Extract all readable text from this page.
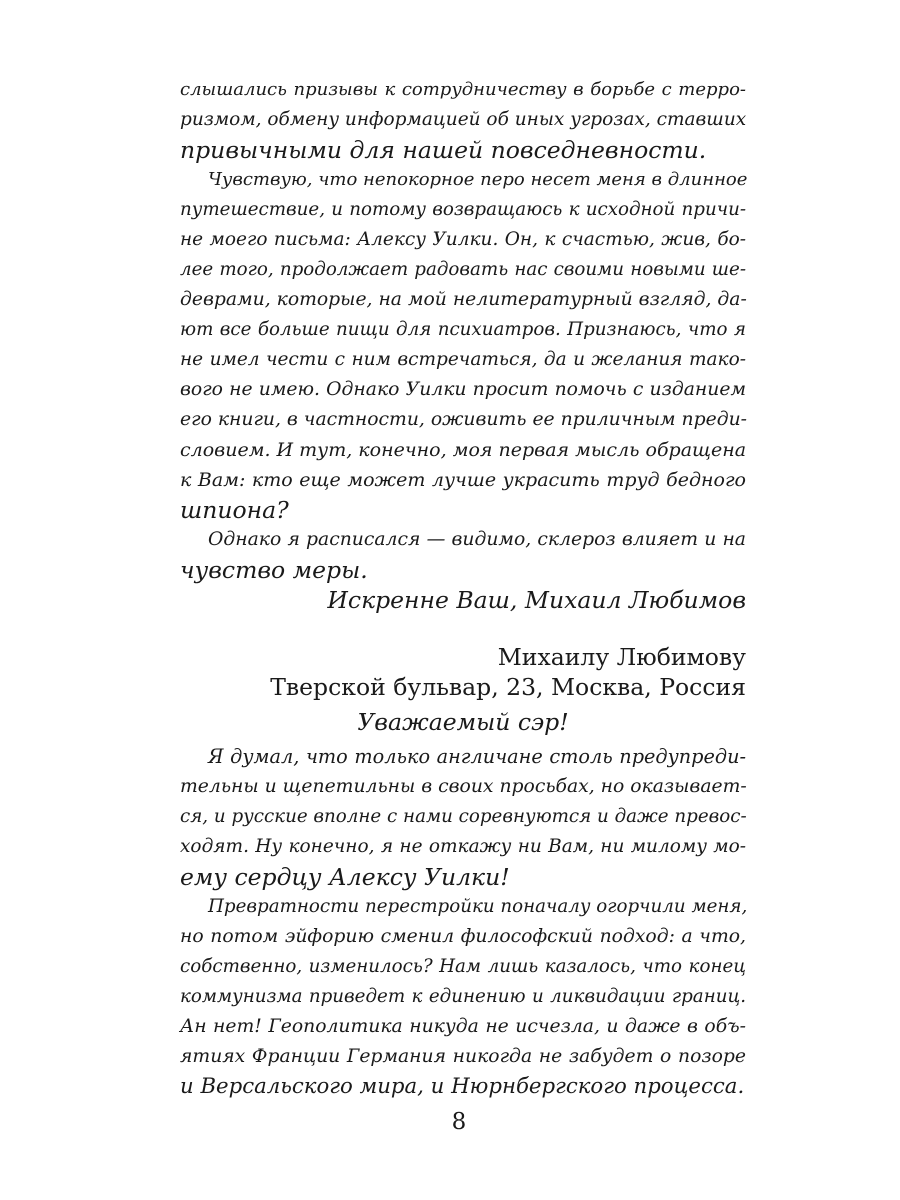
слышались призывы к сотрудничеству в борьбе с терро-
ризмом, обмену информацией об иных угрозах, ставших
привычными для нашей повседневности.
Чувствую, что непокорное перо несет меня в длинное
путешествие, и потому возвращаюсь к исходной причи-
не моего письма: Алексу Уилки. Он, к счастью, жив, бо-
лее того, продолжает радовать нас своими новыми ше-
деврами, которые, на мой нелитературный взгляд, да-
ют все больше пищи для психиатров. Признаюсь, что я
не имел чести с ним встречаться, да и желания тако-
вого не имею. Однако Уилки просит помочь с изданием
его книги, в частности, оживить ее приличным преди-
словием. И тут, конечно, моя первая мысль обращена
к Вам: кто еще может лучше украсить труд бедного
шпиона?
Однако я расписался — видимо, склероз влияет и на
чувство меры.
Искренне Ваш, Михаил Любимов
Михаилу Любимову
Тверской бульвар, 23, Москва, Россия
Уважаемый сэр!
Я думал, что только англичане столь предупреди-
тельны и щепетильны в своих просьбах, но оказывает-
ся, и русские вполне с нами соревнуются и даже превос-
ходят. Ну конечно, я не откажу ни Вам, ни милому мо-
ему сердцу Алексу Уилки!
Превратности перестройки поначалу огорчили меня,
но потом эйфорию сменил философский подход: а что,
собственно, изменилось? Нам лишь казалось, что конец
коммунизма приведет к единению и ликвидации границ.
Ан нет! Геополитика никуда не исчезла, и даже в объ-
ятиях Франции Германия никогда не забудет о позоре
и Версальского мира, и Нюрнбергского процесса.
8
